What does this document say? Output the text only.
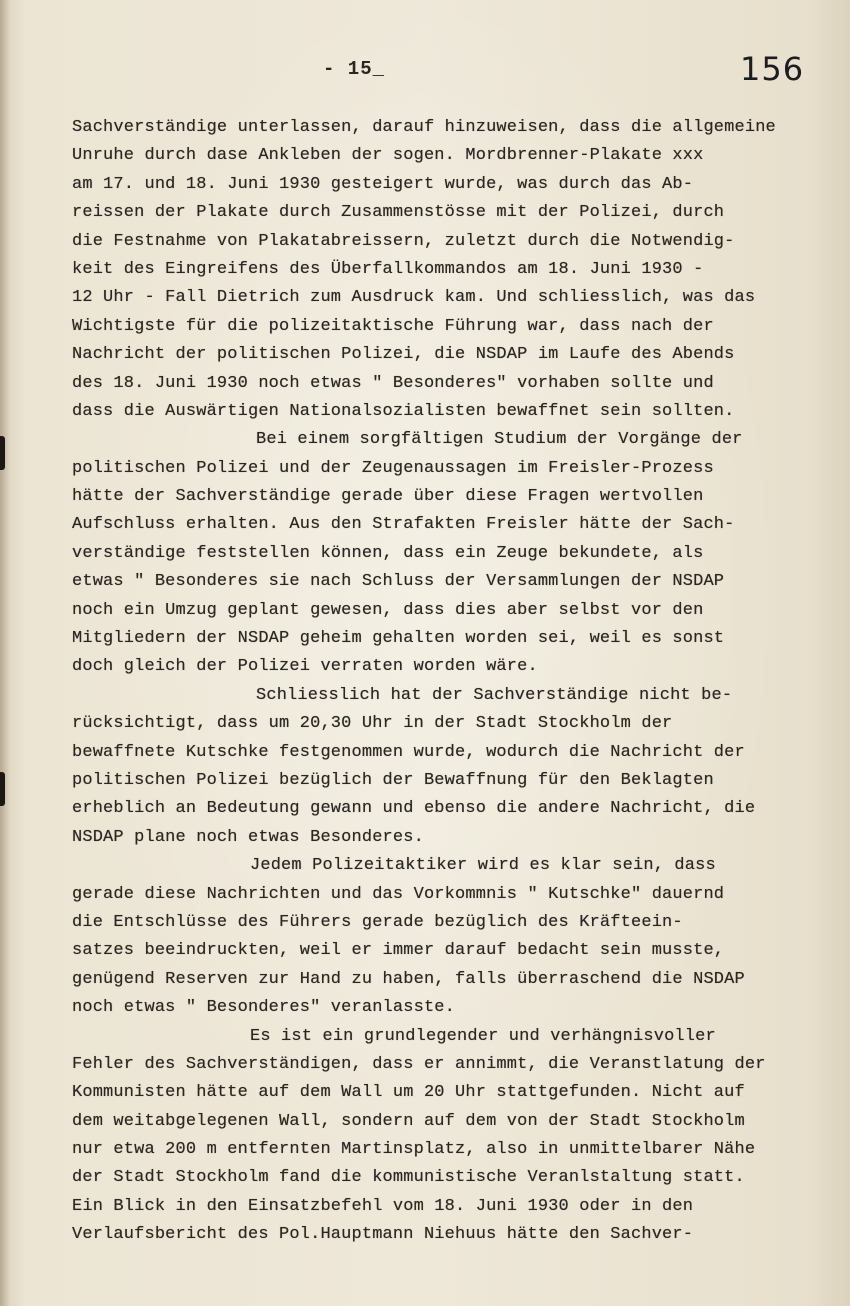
- 15_	156
Sachverständige unterlassen, darauf hinzuweisen, dass die allgemeine
Unruhe durch dase Ankleben der sogen. Mordbrenner-Plakate xxx
am 17. und 18. Juni 1930 gesteigert wurde, was durch das Ab-
reissen der Plakate durch Zusammenstösse mit der Polizei, durch
die Festnahme von Plakatabreissern, zuletzt durch die Notwendig-
keit des Eingreifens des Überfallkommandos am 18. Juni 1930 -
12 Uhr - Fall Dietrich zum Ausdruck kam. Und schliesslich, was das
Wichtigste für die polizeitaktische Führung war, dass nach der
Nachricht der politischen Polizei, die NSDAP im Laufe des Abends
des 18. Juni 1930 noch etwas " Besonderes" vorhaben sollte und
dass die Auswärtigen Nationalsozialisten bewaffnet sein sollten.
Bei einem sorgfältigen Studium der Vorgänge der
politischen Polizei und der Zeugenaussagen im Freisler-Prozess
hätte der Sachverständige gerade über diese Fragen wertvollen
Aufschluss erhalten. Aus den Strafakten Freisler hätte der Sach-
verständige feststellen können, dass ein Zeuge bekundete, als
etwas " Besonderes sie nach Schluss der Versammlungen der NSDAP
noch ein Umzug geplant gewesen, dass dies aber selbst vor den
Mitgliedern der NSDAP geheim gehalten worden sei, weil es sonst
doch gleich der Polizei verraten worden wäre.
Schliesslich hat der Sachverständige nicht be-
rücksichtigt, dass um 20,30 Uhr in der Stadt Stockholm der
bewaffnete Kutschke festgenommen wurde, wodurch die Nachricht der
politischen Polizei bezüglich der Bewaffnung für den Beklagten
erheblich an Bedeutung gewann und ebenso die andere Nachricht, die
NSDAP plane noch etwas Besonderes.
Jedem Polizeitaktiker wird es klar sein, dass
gerade diese Nachrichten und das Vorkommnis " Kutschke" dauernd
die Entschlüsse des Führers gerade bezüglich des Kräfteein-
satzes beeindruckten, weil er immer darauf bedacht sein musste,
genügend Reserven zur Hand zu haben, falls überraschend die NSDAP
noch etwas " Besonderes" veranlasste.
Es ist ein grundlegender und verhängnisvoller
Fehler des Sachverständigen, dass er annimmt, die Veranstlatung der
Kommunisten hätte auf dem Wall um 20 Uhr stattgefunden. Nicht auf
dem weitabgelegenen Wall, sondern auf dem von der Stadt Stockholm
nur etwa 200 m entfernten Martinsplatz, also in unmittelbarer Nähe
der Stadt Stockholm fand die kommunistische Veranlstaltung statt.
Ein Blick in den Einsatzbefehl vom 18. Juni 1930 oder in den
Verlaufsbericht des Pol.Hauptmann Niehuus hätte den Sachver-
